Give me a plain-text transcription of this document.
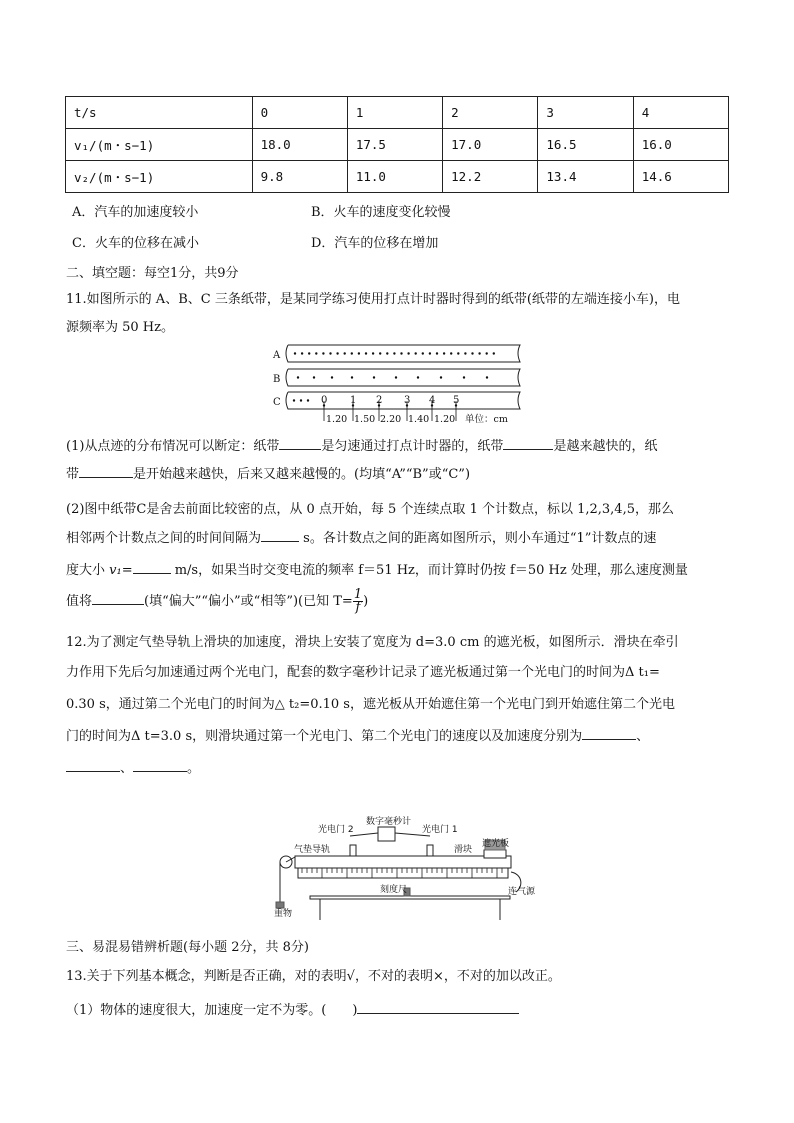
t/s	0	1	2	3	4
v₁/(m・s−1)	18.0	17.5	17.0	16.5	16.0
v₂/(m・s−1)	9.8	11.0	12.2	13.4	14.6
A．汽车的加速度较小	B．火车的速度变化较慢
C．火车的位移在减小	D．汽车的位移在增加
二、填空题：每空1分，共9分
11.如图所示的 A、B、C 三条纸带，是某同学练习使用打点计时器时得到的纸带(纸带的左端连接小车)，电
源频率为 50 Hz。
A
B
C	0 1 2 3 4 5
1.20 1.50 2.20 1.40 1.20 单位：cm
(1)从点迹的分布情况可以断定：纸带	是匀速通过打点计时器的，纸带	是越来越快的，纸
带	是开始越来越快，后来又越来越慢的。(均填“A”“B”或“C”)
(2)图中纸带C是舍去前面比较密的点，从 0 点开始，每 5 个连续点取 1 个计数点，标以 1,2,3,4,5，那么
相邻两个计数点之间的时间间隔为	s。各计数点之间的距离如图所示，则小车通过“1”计数点的速
度大小 v₁=	m/s，如果当时交变电流的频率 f＝51 Hz，而计算时仍按 f＝50 Hz 处理，那么速度测量
值将	(填“偏大”“偏小”或“相等”)(已知 $T= \frac{1}{f}$ )
12.为了测定气垫导轨上滑块的加速度，滑块上安装了宽度为 d=3.0 cm 的遮光板，如图所示．滑块在牵引
力作用下先后匀加速通过两个光电门，配套的数字毫秒计记录了遮光板通过第一个光电门的时间为Δ t₁=
0.30 s，通过第二个光电门的时间为△ t₂=0.10 s，遮光板从开始遮住第一个光电门到开始遮住第二个光电
门的时间为Δ t=3.0 s，则滑块通过第一个光电门、第二个光电门的速度以及加速度分别为	、
、	。
数字毫秒计
光电门 2	光电门 1
气垫导轨	滑块
遮光板
刻度尺	连气源
重物
三、易混易错辨析题(每小题 2分，共 8分)
13.关于下列基本概念，判断是否正确，对的表明√，不对的表明×，不对的加以改正。
（1）物体的速度很大，加速度一定不为零。(　　)
